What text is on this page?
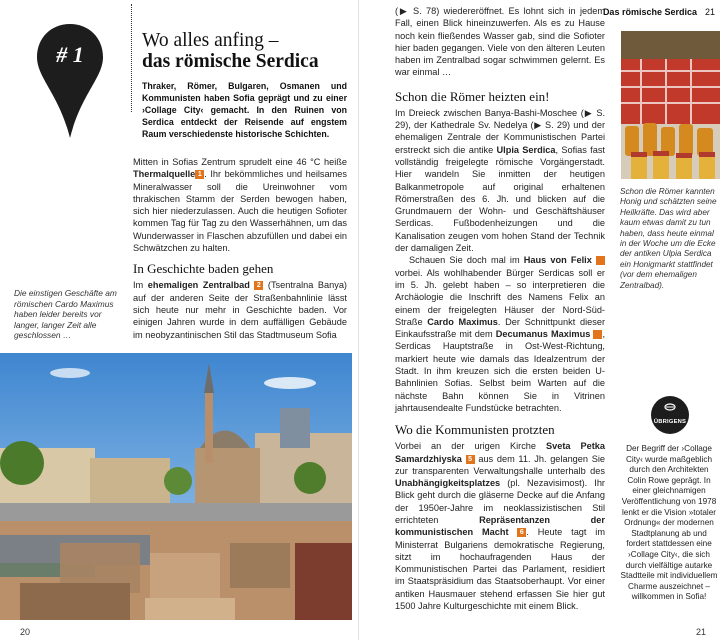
Das römische Serdica 21
# 1
Wo alles anfing –
das römische Serdica
Thraker, Römer, Bulgaren, Osmanen und Kommunisten haben Sofia geprägt und zu einer ›Collage City‹ gemacht. In den Ruinen von Serdica entdeckt der Reisende auf engstem Raum verschiedenste historische Schichten.

Mitten in Sofias Zentrum sprudelt eine 46 °C heiße Thermalquelle 1 . Ihr bekömmliches und heilsames Mineralwasser soll die Ureinwohner vom thrakischen Stamm der Serden bewogen haben, sich hier niederzulassen. Auch die heutigen Sofioter kommen Tag für Tag zu den Wasserhähnen, um das Wunderwasser in Flaschen abzufüllen und dabei ein Schwätzchen zu halten.

In Geschichte baden gehen

Im ehemaligen Zentralbad 2 (Tsentralna Banya) auf der anderen Seite der Straßenbahnlinie lässt sich heute nur mehr in Geschichte baden. Vor einigen Jahren wurde in dem auffälligen Gebäude im neobyzantinischen Stil das Stadtmuseum Sofia

Die einstigen Geschäfte am römischen Cardo Maximus haben leider bereits vor langer, langer Zeit alle geschlossen …

(▶ S. 78) wiedereröffnet. Es lohnt sich in jedem Fall, einen Blick hineinzuwerfen. Als es zu Hause noch kein fließendes Wasser gab, sind die Sofioter hier baden gegangen. Viele von den älteren Leuten haben im Zentralbad sogar schwimmen gelernt. Es war einmal …

Schon die Römer heizten ein!

Im Dreieck zwischen Banya-Bashi-Moschee (▶ S. 29), der Kathedrale Sv. Nedelya (▶ S. 29) und der ehemaligen Zentrale der Kommunistischen Partei erstreckt sich die antike Ulpia Serdica, Sofias fast vollständig freigelegte römische Vorgängerstadt. Hier wandeln Sie inmitten der heutigen Balkanmetropole auf original erhaltenen Römerstraßen des 6. Jh. und blicken auf die Grundmauern der Wohn- und Geschäftshäuser Serdicas. Fußbodenheizungen und die Kanalisation zeugen vom hohen Stand der Technik der damaligen Zeit.

Schauen Sie doch mal im Haus von Felix	3 vorbei. Als wohlhabender Bürger Serdicas soll er im 5. Jh. gelebt haben – so interpretieren die Archäologie die Inschrift des Namens Felix an einem der freigelegten Häuser der Nord-Süd-Straße Cardo Maximus. Der Schnittpunkt dieser Einkaufsstraße mit dem Decumanus Maximus 4, Serdicas Hauptstraße in Ost-West-Richtung, markiert heute wie damals das Idealzentrum der Stadt. In ihm kreuzen sich die ersten beiden U-Bahnlinien Sofias. Selbst beim Warten auf die nächste Bahn können Sie in Vitrinen jahrtausendealte Fundstücke betrachten.

Wo die Kommunisten protzten

Vorbei an der urigen Kirche Sveta Petka Samardzhiyska 5 aus dem 11. Jh. gelangen Sie zur transparenten Verwaltungshalle unterhalb des Unabhängigkeitsplatzes (pl. Nezavisimost). Ihr Blick geht durch die gläserne Decke auf die Anfang der 1950er-Jahre im neoklassizistischen Stil errichteten Repräsentanzen der kommunistischen Macht 6 . Heute tagt im Ministerrat Bulgariens demokratische Regierung, sitzt im hochaufragenden Haus der Kommunistischen Partei das Parlament, residiert im Staatspräsidium das Staatsoberhaupt. Vor einer antiken Hausmauer stehend erfassen Sie hier gut 1500 Jahre Kulturgeschichte mit einem Blick.

Schon die Römer kannten Honig und schätzten seine Heilkräfte. Das wird aber kaum etwas damit zu tun haben, dass heute einmal in der Woche um die Ecke der antiken Ulpia Serdica ein Honigmarkt stattfindet (vor dem ehemaligen Zentralbad).
ÜBRIGENS
Der Begriff der ›Collage City‹ wurde maßgeblich durch den Architekten Colin Rowe geprägt. In einer gleichnamigen Veröffentlichung von 1978 lenkt er die Vision »totaler Ordnung« der modernen Stadtplanung ab und fordert stattdessen eine ›Collage City‹, die sich durch vielfältige autarke Stadtteile mit individuellem Charme auszeichnet – willkommen in Sofia!
20	21
